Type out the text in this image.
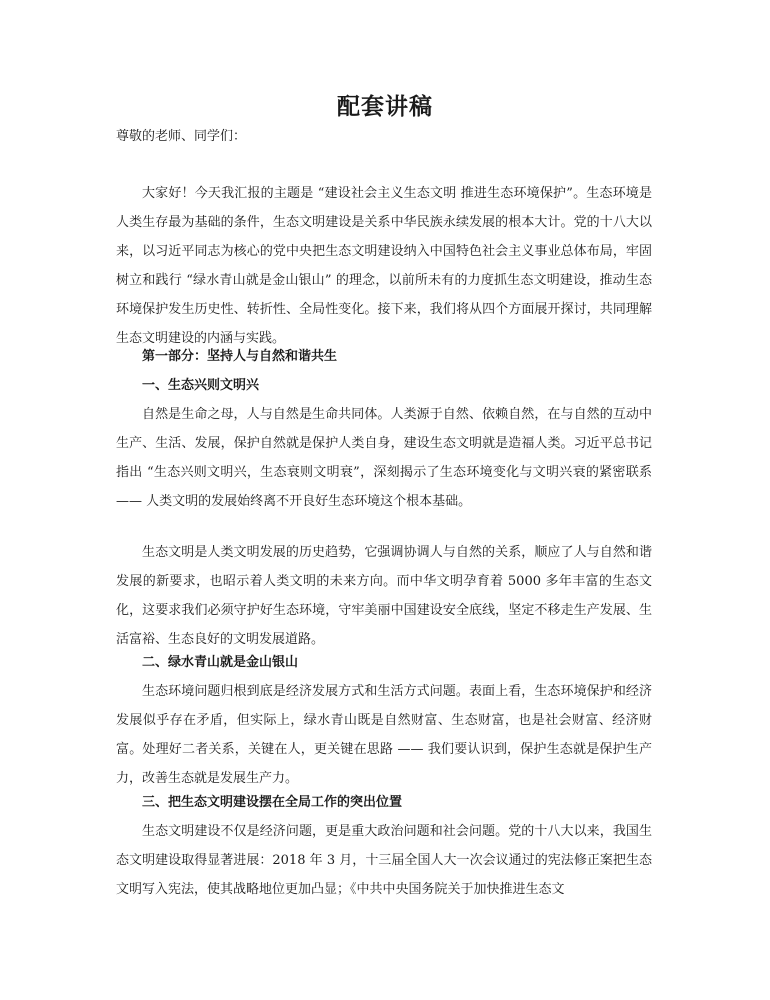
配套讲稿

尊敬的老师、同学们：

大家好！今天我汇报的主题是 “建设社会主义生态文明 推进生态环境保护”。生态环境是人类生存最为基础的条件，生态文明建设是关系中华民族永续发展的根本大计。党的十八大以来，以习近平同志为核心的党中央把生态文明建设纳入中国特色社会主义事业总体布局，牢固树立和践行 “绿水青山就是金山银山” 的理念，以前所未有的力度抓生态文明建设，推动生态环境保护发生历史性、转折性、全局性变化。接下来，我们将从四个方面展开探讨，共同理解生态文明建设的内涵与实践。

第一部分：坚持人与自然和谐共生

一、生态兴则文明兴

自然是生命之母，人与自然是生命共同体。人类源于自然、依赖自然，在与自然的互动中生产、生活、发展，保护自然就是保护人类自身，建设生态文明就是造福人类。习近平总书记指出 “生态兴则文明兴，生态衰则文明衰”，深刻揭示了生态环境变化与文明兴衰的紧密联系 —— 人类文明的发展始终离不开良好生态环境这个根本基础。

生态文明是人类文明发展的历史趋势，它强调协调人与自然的关系，顺应了人与自然和谐发展的新要求，也昭示着人类文明的未来方向。而中华文明孕育着 5000 多年丰富的生态文化，这要求我们必须守护好生态环境，守牢美丽中国建设安全底线，坚定不移走生产发展、生活富裕、生态良好的文明发展道路。

二、绿水青山就是金山银山

生态环境问题归根到底是经济发展方式和生活方式问题。表面上看，生态环境保护和经济发展似乎存在矛盾，但实际上，绿水青山既是自然财富、生态财富，也是社会财富、经济财富。处理好二者关系，关键在人，更关键在思路 —— 我们要认识到，保护生态就是保护生产力，改善生态就是发展生产力。

三、把生态文明建设摆在全局工作的突出位置

生态文明建设不仅是经济问题，更是重大政治问题和社会问题。党的十八大以来，我国生态文明建设取得显著进展：2018 年 3 月，十三届全国人大一次会议通过的宪法修正案把生态文明写入宪法，使其战略地位更加凸显；《中共中央国务院关于加快推进生态文
